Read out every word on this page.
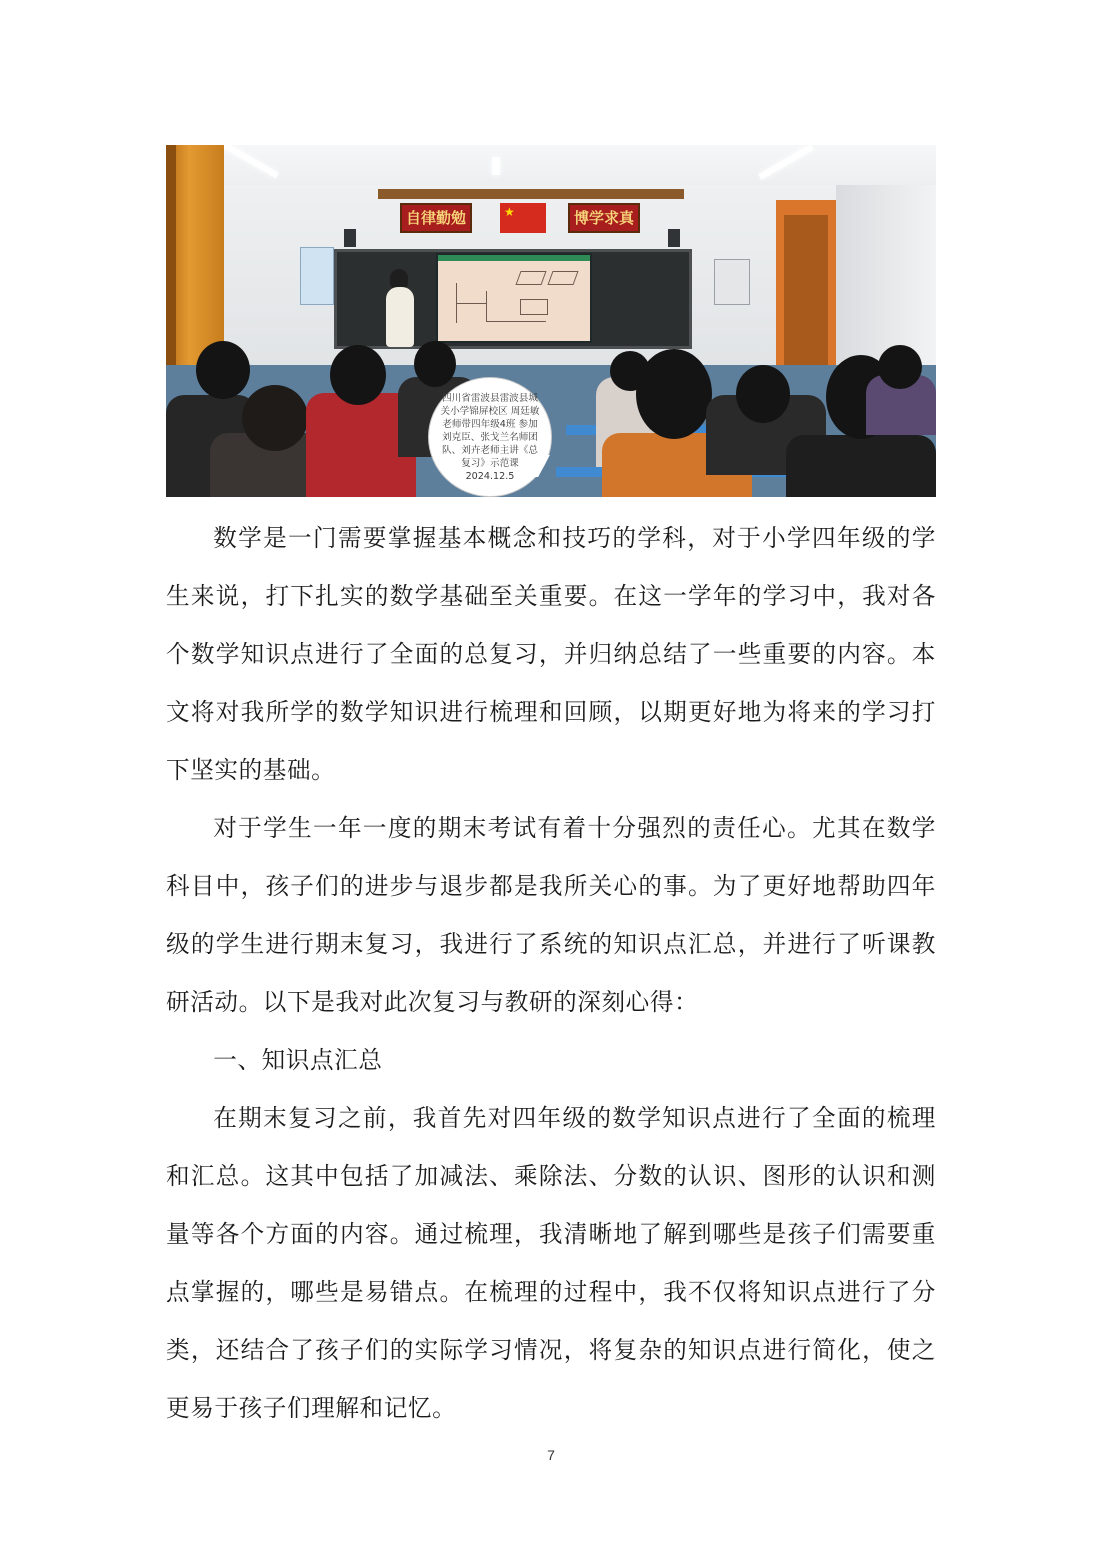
自律勤勉	★	博学求真
四川省雷波县雷波县城关小学锦屏校区 周廷敏老师带四年级4班 参加刘克臣、张戈兰名师团队、刘卉老师主讲《总复习》示范课 2024.12.5

数学是一门需要掌握基本概念和技巧的学科，对于小学四年级的学生来说，打下扎实的数学基础至关重要。在这一学年的学习中，我对各个数学知识点进行了全面的总复习，并归纳总结了一些重要的内容。本文将对我所学的数学知识进行梳理和回顾，以期更好地为将来的学习打下坚实的基础。

对于学生一年一度的期末考试有着十分强烈的责任心。尤其在数学科目中，孩子们的进步与退步都是我所关心的事。为了更好地帮助四年级的学生进行期末复习，我进行了系统的知识点汇总，并进行了听课教研活动。以下是我对此次复习与教研的深刻心得：

一、知识点汇总

在期末复习之前，我首先对四年级的数学知识点进行了全面的梳理和汇总。这其中包括了加减法、乘除法、分数的认识、图形的认识和测量等各个方面的内容。通过梳理，我清晰地了解到哪些是孩子们需要重点掌握的，哪些是易错点。在梳理的过程中，我不仅将知识点进行了分类，还结合了孩子们的实际学习情况，将复杂的知识点进行简化，使之更易于孩子们理解和记忆。

7
